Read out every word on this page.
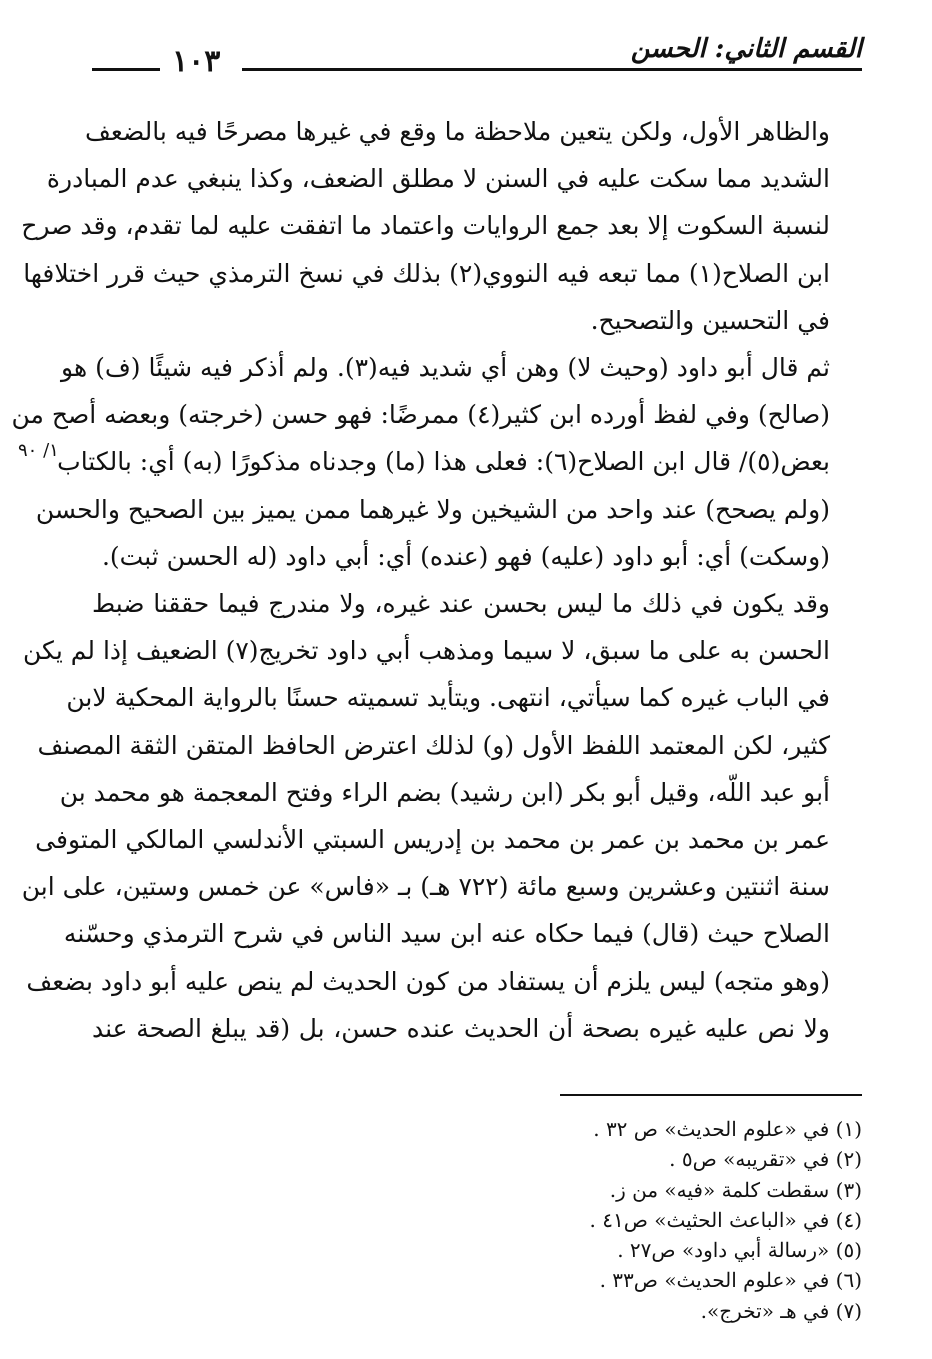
القسم الثاني: الحسن
١٠٣
١/ ٩٠

والظاهر الأول، ولكن يتعين ملاحظة ما وقع في غيرها مصرحًا فيه بالضعف
الشديد مما سكت عليه في السنن لا مطلق الضعف، وكذا ينبغي عدم المبادرة
لنسبة السكوت إلا بعد جمع الروايات واعتماد ما اتفقت عليه لما تقدم، وقد صرح
ابن الصلاح(١) مما تبعه فيه النووي(٢) بذلك في نسخ الترمذي حيث قرر اختلافها
في التحسين والتصحيح.

ثم قال أبو داود (وحيث لا) وهن أي شديد فيه(٣). ولم أذكر فيه شيئًا (ف) هو
(صالح) وفي لفظ أورده ابن كثير(٤) ممرضًا: فهو حسن (خرجته) وبعضه أصح من
بعض(٥)/ قال ابن الصلاح(٦): فعلى هذا (ما) وجدناه مذكورًا (به) أي: بالكتاب
(ولم يصحح) عند واحد من الشيخين ولا غيرهما ممن يميز بين الصحيح والحسن
(وسكت) أي: أبو داود (عليه) فهو (عنده) أي: أبي داود (له الحسن ثبت).

وقد يكون في ذلك ما ليس بحسن عند غيره، ولا مندرج فيما حققنا ضبط
الحسن به على ما سبق، لا سيما ومذهب أبي داود تخريج(٧) الضعيف إذا لم يكن
في الباب غيره كما سيأتي، انتهى. ويتأيد تسميته حسنًا بالرواية المحكية لابن
كثير، لكن المعتمد اللفظ الأول (و) لذلك اعترض الحافظ المتقن الثقة المصنف
أبو عبد اللّه، وقيل أبو بكر (ابن رشيد) بضم الراء وفتح المعجمة هو محمد بن
عمر بن محمد بن عمر بن محمد بن إدريس السبتي الأندلسي المالكي المتوفى
سنة اثنتين وعشرين وسبع مائة (٧٢٢ هـ) بـ «فاس» عن خمس وستين، على ابن
الصلاح حيث (قال) فيما حكاه عنه ابن سيد الناس في شرح الترمذي وحسّنه
(وهو متجه) ليس يلزم أن يستفاد من كون الحديث لم ينص عليه أبو داود بضعف
ولا نص عليه غيره بصحة أن الحديث عنده حسن، بل (قد يبلغ الصحة عند

(١) في «علوم الحديث» ص ٣٢ .

(٢) في «تقريبه» ص٥ .

(٣) سقطت كلمة «فيه» من ز.

(٤) في «الباعث الحثيث» ص٤١ .

(٥) «رسالة أبي داود» ص٢٧ .

(٦) في «علوم الحديث» ص٣٣ .

(٧) في هـ «تخرج».
